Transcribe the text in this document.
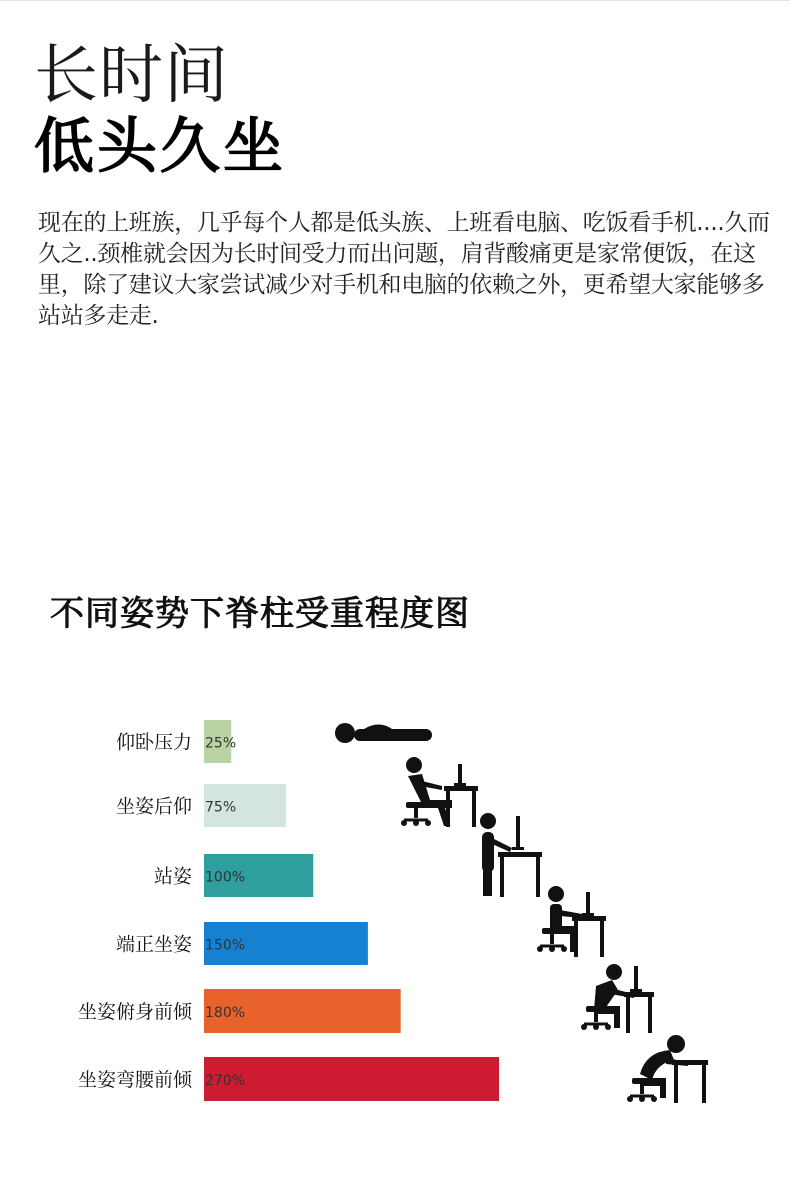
长时间
低头久坐

现在的上班族，几乎每个人都是低头族、上班看电脑、吃饭看手机....久而久之..颈椎就会因为长时间受力而出问题，肩背酸痛更是家常便饭，在这里，除了建议大家尝试减少对手机和电脑的依赖之外，更希望大家能够多站站多走走.

不同姿势下脊柱受重程度图
仰卧压力 25%
坐姿后仰 75%
站姿 100%
端正坐姿 150%
坐姿俯身前倾 180%
坐姿弯腰前倾 270%
